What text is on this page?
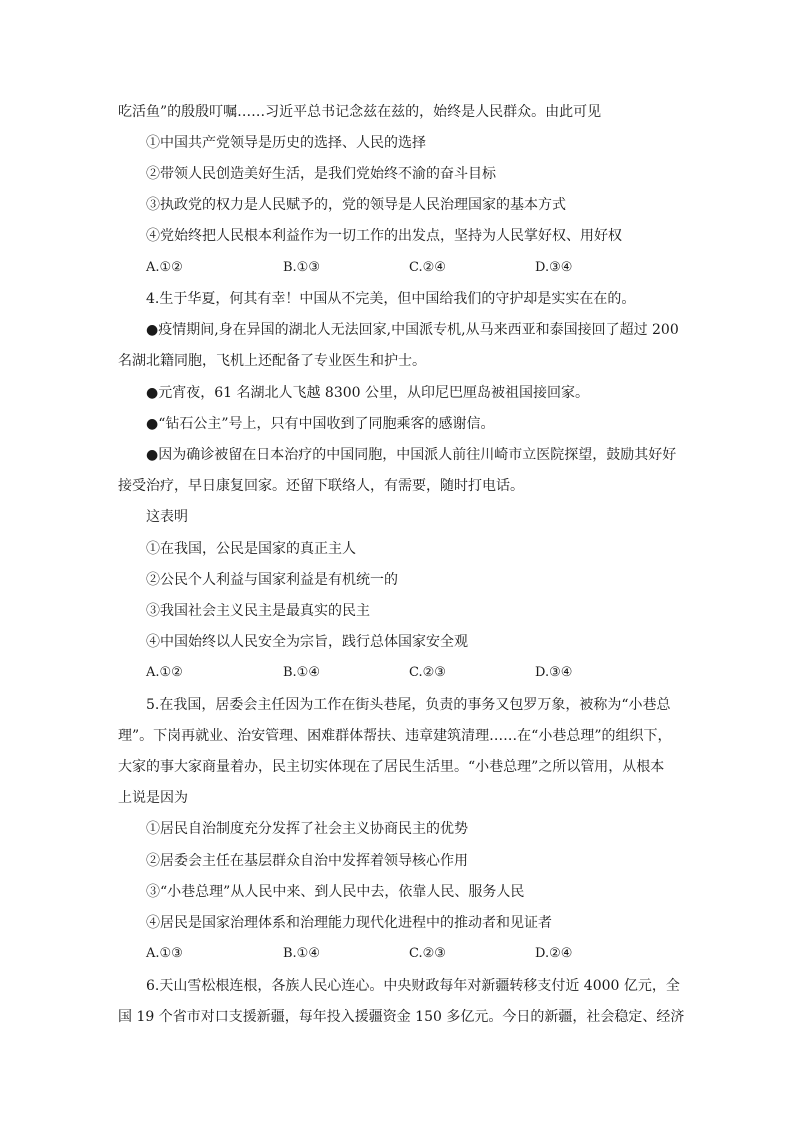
吃活鱼”的殷殷叮嘱……习近平总书记念兹在兹的，始终是人民群众。由此可见
①中国共产党领导是历史的选择、人民的选择
②带领人民创造美好生活，是我们党始终不渝的奋斗目标
③执政党的权力是人民赋予的，党的领导是人民治理国家的基本方式
④党始终把人民根本利益作为一切工作的出发点，坚持为人民掌好权、用好权
A.①②	B.①③	C.②④	D.③④
4.生于华夏，何其有幸！中国从不完美，但中国给我们的守护却是实实在在的。
●疫情期间,身在异国的湖北人无法回家,中国派专机,从马来西亚和泰国接回了超过 200
名湖北籍同胞，飞机上还配备了专业医生和护士。
●元宵夜，61 名湖北人飞越 8300 公里，从印尼巴厘岛被祖国接回家。
●“钻石公主”号上，只有中国收到了同胞乘客的感谢信。
●因为确诊被留在日本治疗的中国同胞，中国派人前往川崎市立医院探望，鼓励其好好
接受治疗，早日康复回家。还留下联络人，有需要，随时打电话。
这表明
①在我国，公民是国家的真正主人
②公民个人利益与国家利益是有机统一的
③我国社会主义民主是最真实的民主
④中国始终以人民安全为宗旨，践行总体国家安全观
A.①②	B.①④	C.②③	D.③④
5.在我国，居委会主任因为工作在街头巷尾，负责的事务又包罗万象，被称为“小巷总
理”。下岗再就业、治安管理、困难群体帮扶、违章建筑清理……在“小巷总理”的组织下，
大家的事大家商量着办，民主切实体现在了居民生活里。“小巷总理”之所以管用，从根本
上说是因为
①居民自治制度充分发挥了社会主义协商民主的优势
②居委会主任在基层群众自治中发挥着领导核心作用
③“小巷总理”从人民中来、到人民中去，依靠人民、服务人民
④居民是国家治理体系和治理能力现代化进程中的推动者和见证者
A.①③	B.①④	C.②③	D.②④
6.天山雪松根连根，各族人民心连心。中央财政每年对新疆转移支付近 4000 亿元，全
国 19 个省市对口支援新疆，每年投入援疆资金 150 多亿元。今日的新疆，社会稳定、经济
